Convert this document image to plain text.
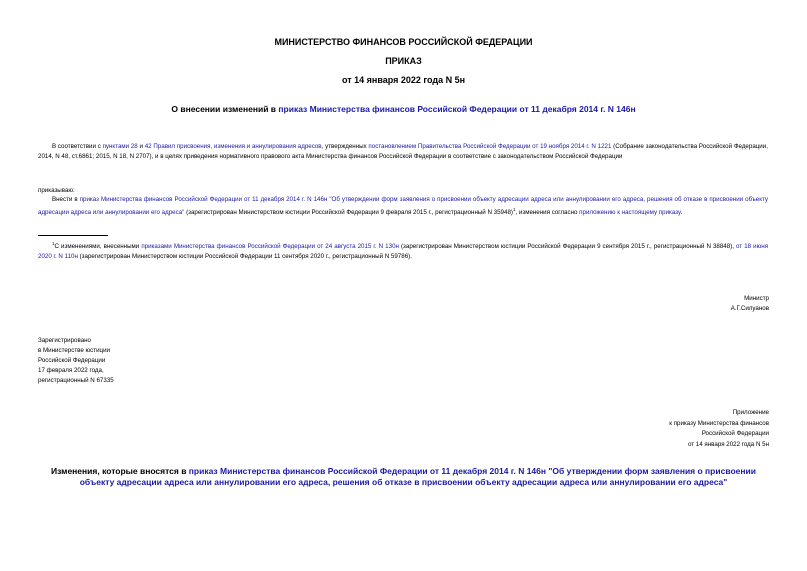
МИНИСТЕРСТВО ФИНАНСОВ РОССИЙСКОЙ ФЕДЕРАЦИИ
ПРИКАЗ
от 14 января 2022 года N 5н
О внесении изменений в приказ Министерства финансов Российской Федерации от 11 декабря 2014 г. N 146н
В соответствии с пунктами 28 и 42 Правил присвоения, изменения и аннулирования адресов, утвержденных постановлением Правительства Российской Федерации от 19 ноября 2014 г. N 1221 (Собрание законодательства Российской Федерации, 2014, N 48, ст.6861; 2015, N 18, N 2707), и в целях приведения нормативного правового акта Министерства финансов Российской Федерации в соответствие с законодательством Российской Федерации
приказываю:
Внести в приказ Министерства финансов Российской Федерации от 11 декабря 2014 г. N 146н "Об утверждении форм заявления о присвоении объекту адресации адреса или аннулировании его адреса, решения об отказе в присвоении объекту адресации адреса или аннулировании его адреса" (зарегистрирован Министерством юстиции Российской Федерации 9 февраля 2015 г., регистрационный N 35948)$^1$, изменения согласно приложению к настоящему приказу.
$^1$С изменениями, внесенными приказами Министерства финансов Российской Федерации от 24 августа 2015 г. N 130н (зарегистрирован Министерством юстиции Российской Федерации 9 сентября 2015 г., регистрационный N 38848), от 18 июня 2020 г. N 110н (зарегистрирован Министерством юстиции Российской Федерации 11 сентября 2020 г., регистрационный N 59786).
Министр
А.Г.Силуанов
Зарегистрировано
в Министерстве юстиции
Российской Федерации
17 февраля 2022 года,
регистрационный N 67335
Приложение
к приказу Министерства финансов
Российской Федерации
от 14 января 2022 года N 5н
Изменения, которые вносятся в приказ Министерства финансов Российской Федерации от 11 декабря 2014 г. N 146н "Об утверждении форм заявления о присвоении объекту адресации адреса или аннулировании его адреса, решения об отказе в присвоении объекту адресации адреса или аннулировании его адреса"
